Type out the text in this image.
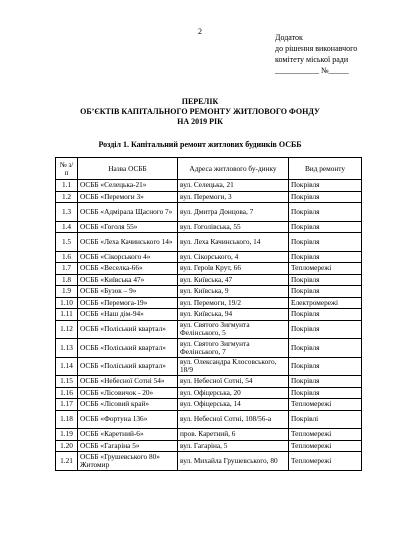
2
Додаток
до рішення виконавчого
комітету міської ради
___________ №_____
ПЕРЕЛІК
ОБ’ЄКТІВ КАПІТАЛЬНОГО РЕМОНТУ ЖИТЛОВОГО ФОНДУ
НА 2019 РІК
Розділ 1. Капітальний ремонт житлових будинків ОСББ
№ з/п	Назва ОСББ	Адреса житлового бу-динку	Вид ремонту
1.1	ОСББ «Селецька-21»	вул. Селецька, 21	Покрівля
1.2	ОСББ «Перемоги 3»	вул. Перемоги, 3	Покрівля
1.3	ОСББ «Адмірала Щасного 7»	вул. Дмитра Донцова, 7	Покрівля
1.4	ОСББ «Гоголя 55»	вул. Гоголівська, 55	Покрівля
1.5	ОСББ «Леха Качинського 14»	вул. Леха Качинського, 14	Покрівля
1.6	ОСББ «Сікорського 4»	вул. Сікорського, 4	Покрівля
1.7	ОСББ «Веселка-66»	вул. Героїв Крут, 66	Тепломережі
1.8	ОСББ «Київська 47»	вул. Київська, 47	Покрівля
1.9	ОСББ «Бузок – 9»	вул. Київська, 9	Покрівля
1.10	ОСББ «Перемога-19»	вул. Перемоги, 19/2	Електромережі
1.11	ОСББ «Наш дім-94»	вул. Київська, 94	Покрівля
1.12	ОСББ «Поліський квартал»	вул. Святого Зигмунта Фелінського, 5	Покрівля
1.13	ОСББ «Поліський квартал»	вул. Святого Зигмунта Фелінського, 7	Покрівля
1.14	ОСББ «Поліський квартал»	вул. Олександра Клосовського, 18/9	Покрівля
1.15	ОСББ «Небесної Сотні 54»	вул. Небесної Сотні, 54	Покрівля
1.16	ОСББ «Лісовичок - 20»	вул. Офіцерська, 20	Покрівля
1.17	ОСББ «Лісовий край»	вул. Офіцерська, 14	Тепломережі
1.18	ОСББ «Фортуна 136»	вул. Небесної Сотні, 108/56-а	Покрівлі
1.19	ОСББ «Каретний-6»	пров. Каретний, 6	Тепломережі
1.20	ОСББ «Гагаріна 5»	вул. Гагаріна, 5	Тепломережі
1.21	ОСББ «Грушевського 80» Житомир	вул. Михайла Грушевського, 80	Тепломережі
